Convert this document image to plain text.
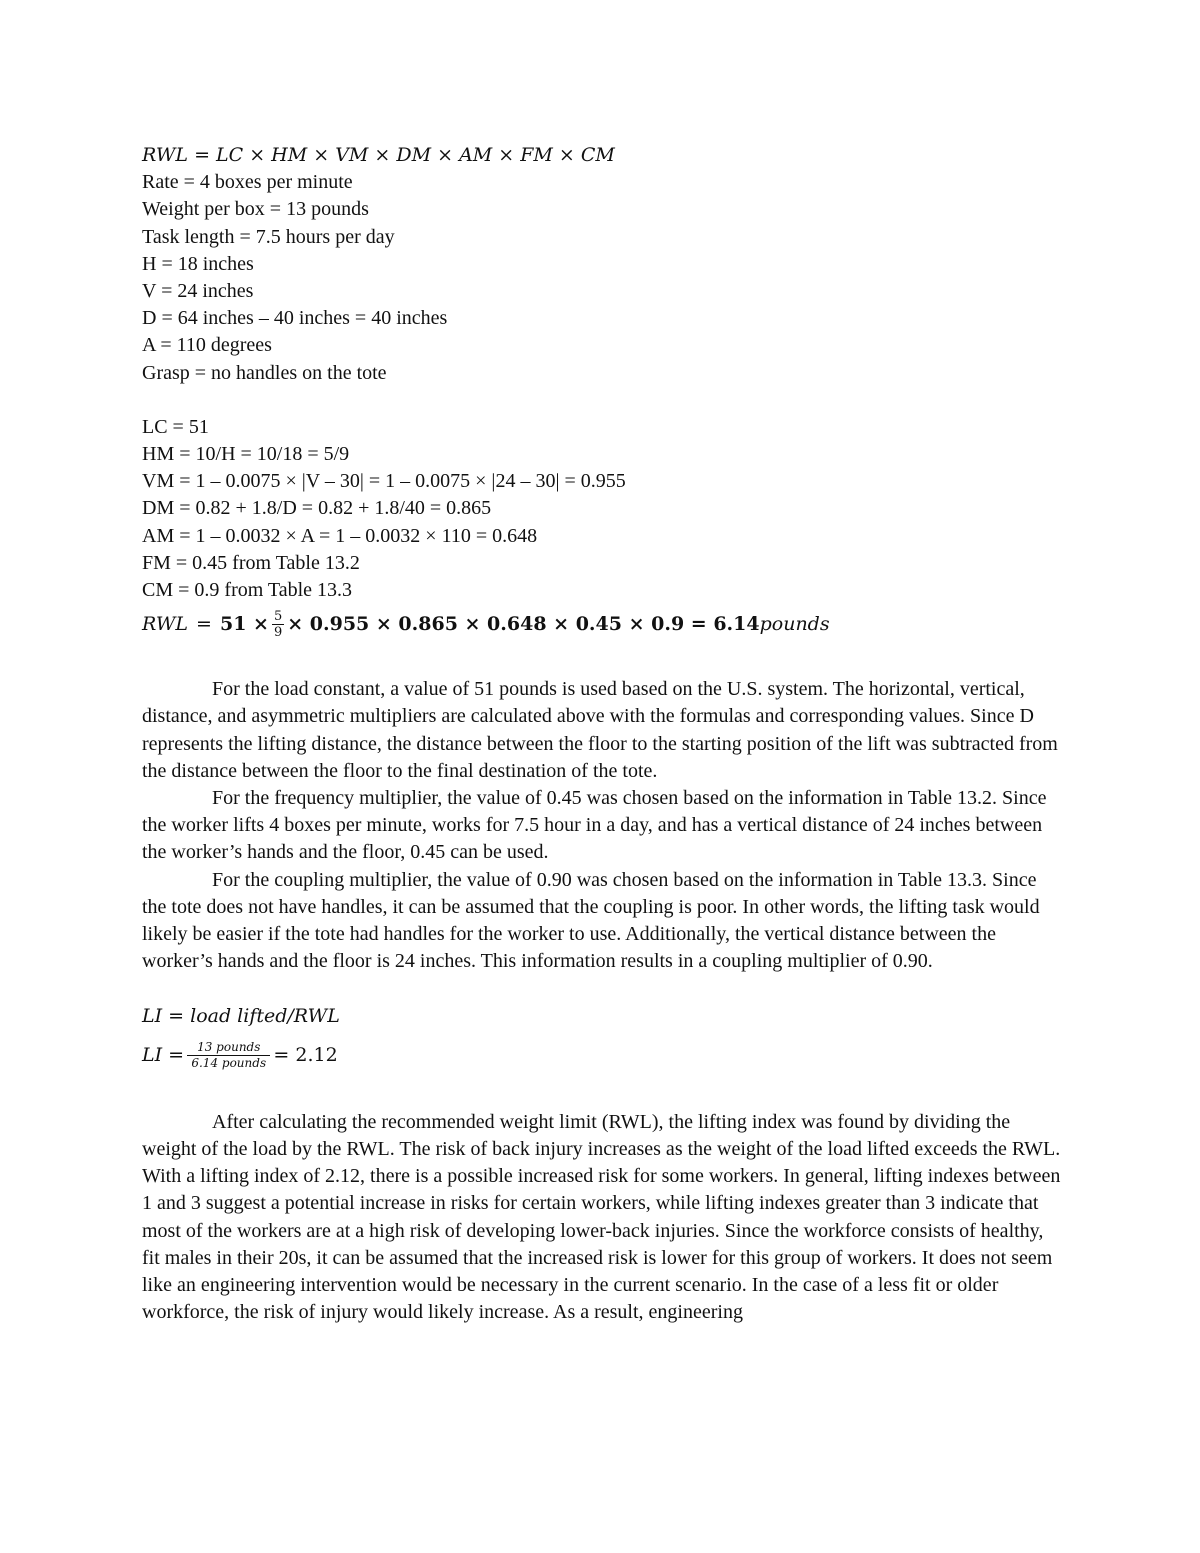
RWL = LC × HM × VM × DM × AM × FM × CM

Rate = 4 boxes per minute

Weight per box = 13 pounds

Task length = 7.5 hours per day

H = 18 inches

V = 24 inches

D = 64 inches – 40 inches = 40 inches

A = 110 degrees

Grasp = no handles on the tote

LC = 51

HM = 10/H = 10/18 = 5/9

VM = 1 – 0.0075 × |V – 30| = 1 – 0.0075 × |24 – 30| = 0.955

DM = 0.82 + 1.8/D = 0.82 + 1.8/40 = 0.865

AM = 1 – 0.0032 × A = 1 – 0.0032 × 110 = 0.648

FM = 0.45 from Table 13.2

CM = 0.9 from Table 13.3

RWL = $51 \times \frac{5}{9} \times 0.955 \times 0.865 \times 0.648 \times 0.45 \times 0.9 = 6.14$ pounds

For the load constant, a value of 51 pounds is used based on the U.S. system. The horizontal, vertical, distance, and asymmetric multipliers are calculated above with the formulas and corresponding values. Since D represents the lifting distance, the distance between the floor to the starting position of the lift was subtracted from the distance between the floor to the final destination of the tote.

For the frequency multiplier, the value of 0.45 was chosen based on the information in Table 13.2. Since the worker lifts 4 boxes per minute, works for 7.5 hour in a day, and has a vertical distance of 24 inches between the worker’s hands and the floor, 0.45 can be used.

For the coupling multiplier, the value of 0.90 was chosen based on the information in Table 13.3. Since the tote does not have handles, it can be assumed that the coupling is poor. In other words, the lifting task would likely be easier if the tote had handles for the worker to use. Additionally, the vertical distance between the worker’s hands and the floor is 24 inches. This information results in a coupling multiplier of 0.90.

LI = load lifted/RWL

LI = $\frac{\text{13 pounds}}{\text{6.14 pounds}} = 2.12$

After calculating the recommended weight limit (RWL), the lifting index was found by dividing the weight of the load by the RWL. The risk of back injury increases as the weight of the load lifted exceeds the RWL. With a lifting index of 2.12, there is a possible increased risk for some workers. In general, lifting indexes between 1 and 3 suggest a potential increase in risks for certain workers, while lifting indexes greater than 3 indicate that most of the workers are at a high risk of developing lower-back injuries. Since the workforce consists of healthy, fit males in their 20s, it can be assumed that the increased risk is lower for this group of workers. It does not seem like an engineering intervention would be necessary in the current scenario. In the case of a less fit or older workforce, the risk of injury would likely increase. As a result, engineering
